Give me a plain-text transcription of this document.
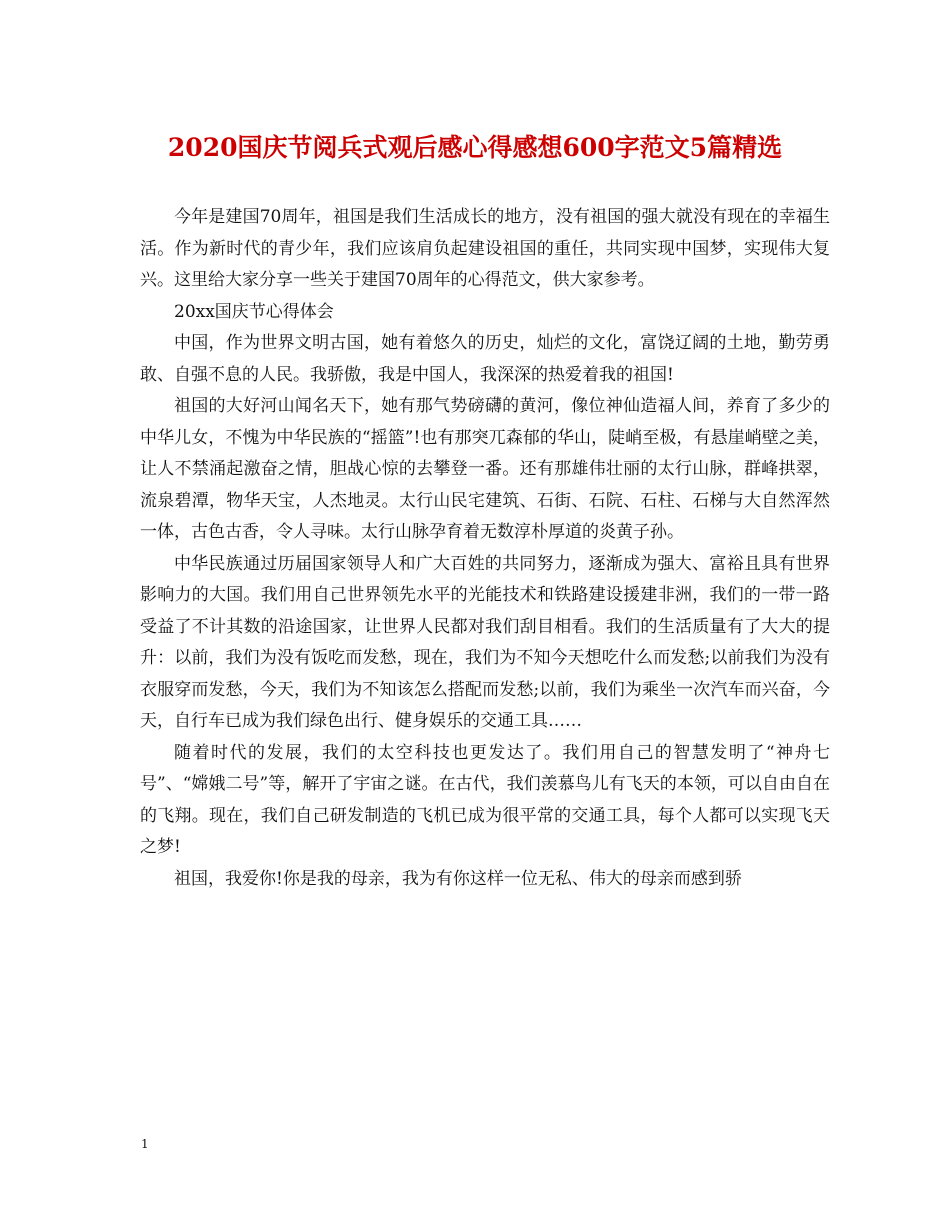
2020国庆节阅兵式观后感心得感想600字范文5篇精选

今年是建国70周年，祖国是我们生活成长的地方，没有祖国的强大就没有现在的幸福生活。作为新时代的青少年，我们应该肩负起建设祖国的重任，共同实现中国梦，实现伟大复兴。这里给大家分享一些关于建国70周年的心得范文，供大家参考。

20xx国庆节心得体会

中国，作为世界文明古国，她有着悠久的历史，灿烂的文化，富饶辽阔的土地，勤劳勇敢、自强不息的人民。我骄傲，我是中国人，我深深的热爱着我的祖国!

祖国的大好河山闻名天下，她有那气势磅礴的黄河，像位神仙造福人间，养育了多少的中华儿女，不愧为中华民族的“摇篮”!也有那突兀森郁的华山，陡峭至极，有悬崖峭壁之美，让人不禁涌起激奋之情，胆战心惊的去攀登一番。还有那雄伟壮丽的太行山脉，群峰拱翠，流泉碧潭，物华天宝，人杰地灵。太行山民宅建筑、石街、石院、石柱、石梯与大自然浑然一体，古色古香，令人寻味。太行山脉孕育着无数淳朴厚道的炎黄子孙。

中华民族通过历届国家领导人和广大百姓的共同努力，逐渐成为强大、富裕且具有世界影响力的大国。我们用自己世界领先水平的光能技术和铁路建设援建非洲，我们的一带一路受益了不计其数的沿途国家，让世界人民都对我们刮目相看。我们的生活质量有了大大的提升：以前，我们为没有饭吃而发愁，现在，我们为不知今天想吃什么而发愁;以前我们为没有衣服穿而发愁，今天，我们为不知该怎么搭配而发愁;以前，我们为乘坐一次汽车而兴奋，今天，自行车已成为我们绿色出行、健身娱乐的交通工具……

随着时代的发展，我们的太空科技也更发达了。我们用自己的智慧发明了“神舟七号”、“嫦娥二号”等，解开了宇宙之谜。在古代，我们羡慕鸟儿有飞天的本领，可以自由自在的飞翔。现在，我们自己研发制造的飞机已成为很平常的交通工具，每个人都可以实现飞天之梦!

祖国，我爱你!你是我的母亲，我为有你这样一位无私、伟大的母亲而感到骄

1
